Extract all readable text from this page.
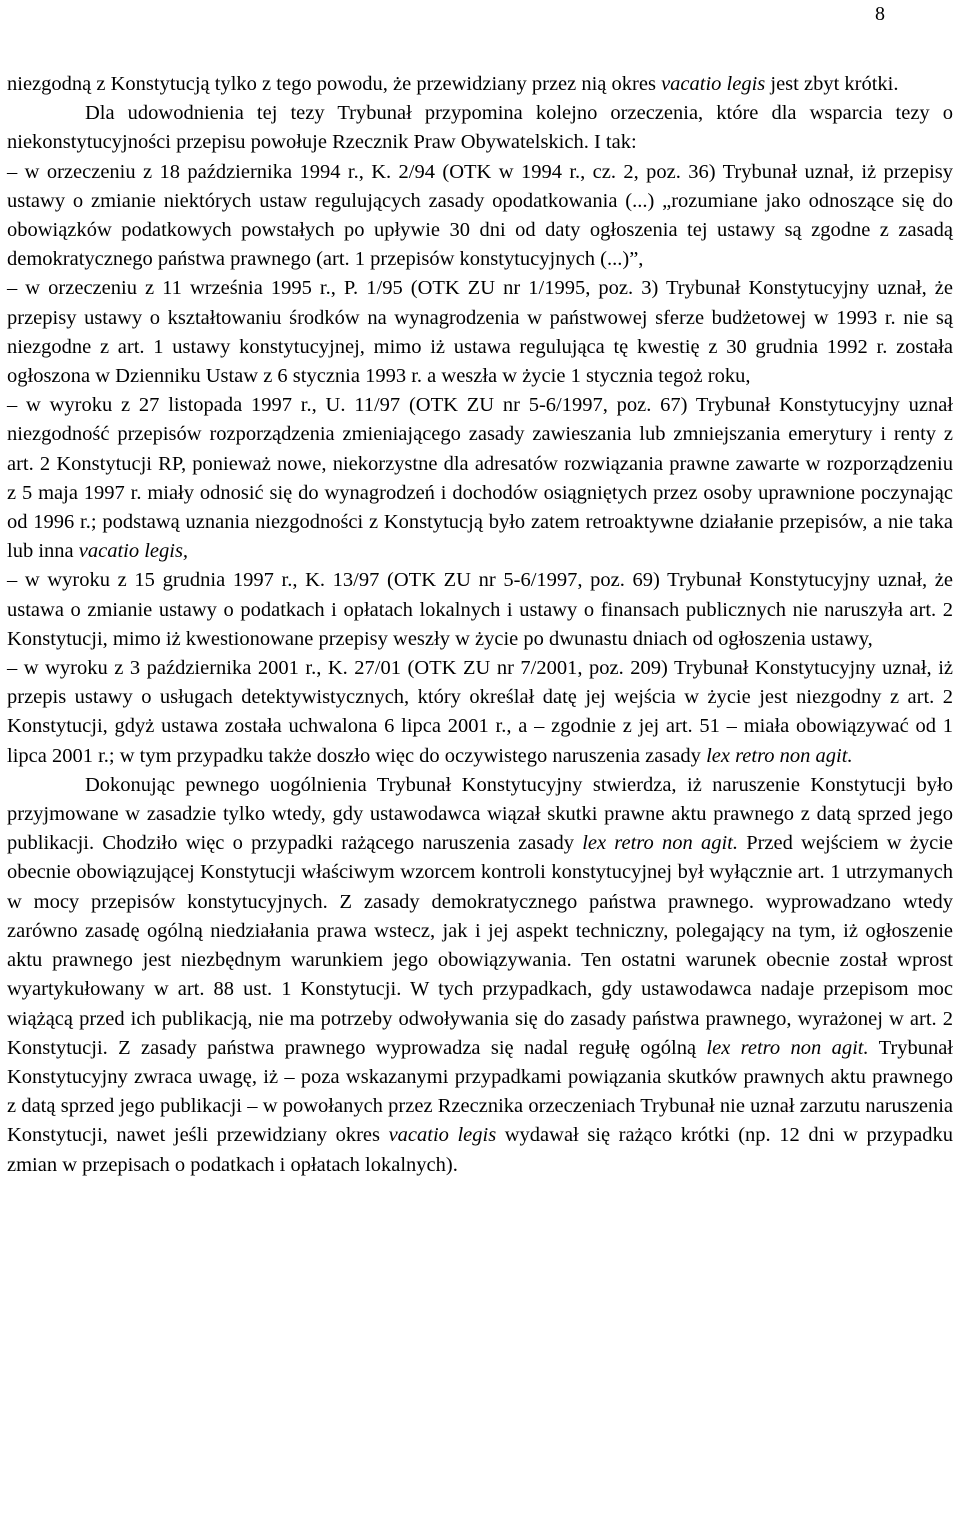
8

niezgodną z Konstytucją tylko z tego powodu, że przewidziany przez nią okres vacatio legis jest zbyt krótki.

Dla udowodnienia tej tezy Trybunał przypomina kolejno orzeczenia, które dla wsparcia tezy o niekonstytucyjności przepisu powołuje Rzecznik Praw Obywatelskich. I tak:

– w orzeczeniu z 18 października 1994 r., K. 2/94 (OTK w 1994 r., cz. 2, poz. 36) Trybunał uznał, iż przepisy ustawy o zmianie niektórych ustaw regulujących zasady opodatkowania (...) „rozumiane jako odnoszące się do obowiązków podatkowych powstałych po upływie 30 dni od daty ogłoszenia tej ustawy są zgodne z zasadą demokratycznego państwa prawnego (art. 1 przepisów konstytucyjnych (...)”,

– w orzeczeniu z 11 września 1995 r., P. 1/95 (OTK ZU nr 1/1995, poz. 3) Trybunał Konstytucyjny uznał, że przepisy ustawy o kształtowaniu środków na wynagrodzenia w państwowej sferze budżetowej w 1993 r. nie są niezgodne z art. 1 ustawy konstytucyjnej, mimo iż ustawa regulująca tę kwestię z 30 grudnia 1992 r. została ogłoszona w Dzienniku Ustaw z 6 stycznia 1993 r. a weszła w życie 1 stycznia tegoż roku,

– w wyroku z 27 listopada 1997 r., U. 11/97 (OTK ZU nr 5-6/1997, poz. 67) Trybunał Konstytucyjny uznał niezgodność przepisów rozporządzenia zmieniającego zasady zawieszania lub zmniejszania emerytury i renty z art. 2 Konstytucji RP, ponieważ nowe, niekorzystne dla adresatów rozwiązania prawne zawarte w rozporządzeniu z 5 maja 1997 r. miały odnosić się do wynagrodzeń i dochodów osiągniętych przez osoby uprawnione poczynając od 1996 r.; podstawą uznania niezgodności z Konstytucją było zatem retroaktywne działanie przepisów, a nie taka lub inna vacatio legis,

– w wyroku z 15 grudnia 1997 r., K. 13/97 (OTK ZU nr 5-6/1997, poz. 69) Trybunał Konstytucyjny uznał, że ustawa o zmianie ustawy o podatkach i opłatach lokalnych i ustawy o finansach publicznych nie naruszyła art. 2 Konstytucji, mimo iż kwestionowane przepisy weszły w życie po dwunastu dniach od ogłoszenia ustawy,

– w wyroku z 3 października 2001 r., K. 27/01 (OTK ZU nr 7/2001, poz. 209) Trybunał Konstytucyjny uznał, iż przepis ustawy o usługach detektywistycznych, który określał datę jej wejścia w życie jest niezgodny z art. 2 Konstytucji, gdyż ustawa została uchwalona 6 lipca 2001 r., a – zgodnie z jej art. 51 – miała obowiązywać od 1 lipca 2001 r.; w tym przypadku także doszło więc do oczywistego naruszenia zasady lex retro non agit.

Dokonując pewnego uogólnienia Trybunał Konstytucyjny stwierdza, iż naruszenie Konstytucji było przyjmowane w zasadzie tylko wtedy, gdy ustawodawca wiązał skutki prawne aktu prawnego z datą sprzed jego publikacji. Chodziło więc o przypadki rażącego naruszenia zasady lex retro non agit. Przed wejściem w życie obecnie obowiązującej Konstytucji właściwym wzorcem kontroli konstytucyjnej był wyłącznie art. 1 utrzymanych w mocy przepisów konstytucyjnych. Z zasady demokratycznego państwa prawnego. wyprowadzano wtedy zarówno zasadę ogólną niedziałania prawa wstecz, jak i jej aspekt techniczny, polegający na tym, iż ogłoszenie aktu prawnego jest niezbędnym warunkiem jego obowiązywania. Ten ostatni warunek obecnie został wprost wyartykułowany w art. 88 ust. 1 Konstytucji. W tych przypadkach, gdy ustawodawca nadaje przepisom moc wiążącą przed ich publikacją, nie ma potrzeby odwoływania się do zasady państwa prawnego, wyrażonej w art. 2 Konstytucji. Z zasady państwa prawnego wyprowadza się nadal regułę ogólną lex retro non agit. Trybunał Konstytucyjny zwraca uwagę, iż – poza wskazanymi przypadkami powiązania skutków prawnych aktu prawnego z datą sprzed jego publikacji – w powołanych przez Rzecznika orzeczeniach Trybunał nie uznał zarzutu naruszenia Konstytucji, nawet jeśli przewidziany okres vacatio legis wydawał się rażąco krótki (np. 12 dni w przypadku zmian w przepisach o podatkach i opłatach lokalnych).
